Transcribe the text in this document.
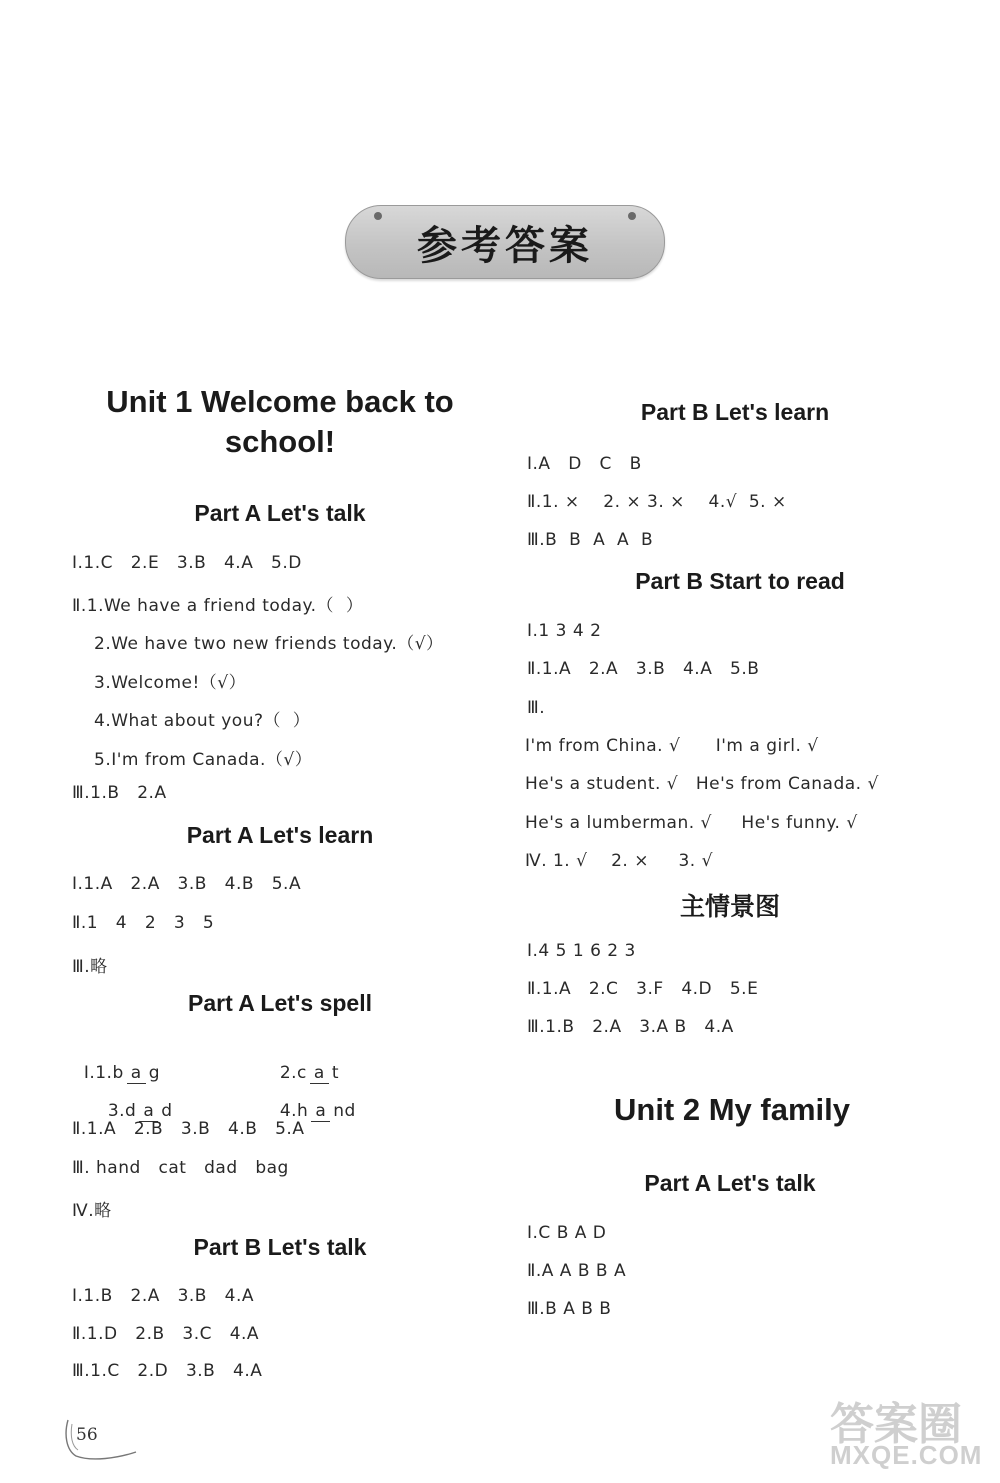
参考答案
Unit 1 Welcome back to
school!
Part A Let's talk
Ⅰ.1.C   2.E   3.B   4.A   5.D
Ⅱ.1.We have a friend today.（  ）
2.We have two new friends today.（√）
3.Welcome!（√）
4.What about you?（  ）
5.I'm from Canada.（√）
Ⅲ.1.B   2.A
Part A Let's learn
Ⅰ.1.A   2.A   3.B   4.B   5.A
Ⅱ.1   4   2   3   5
Ⅲ.略
Part A Let's spell

Ⅰ.1.b a g	2.c a t

3.d a d	4.h a nd

Ⅱ.1.A   2.B   3.B   4.B   5.A
Ⅲ. hand   cat   dad   bag
Ⅳ.略
Part B Let's talk
Ⅰ.1.B   2.A   3.B   4.A
Ⅱ.1.D   2.B   3.C   4.A
Ⅲ.1.C   2.D   3.B   4.A
Part B Let's learn
Ⅰ.A   D   C   B
Ⅱ.1. ×    2. × 3. ×    4.√  5. ×
Ⅲ.B  B  A  A  B
Part B Start to read
Ⅰ.1 3 4 2
Ⅱ.1.A   2.A   3.B   4.A   5.B
Ⅲ.
I'm from China. √      I'm a girl. √
He's a student. √   He's from Canada. √
He's a lumberman. √     He's funny. √
Ⅳ. 1. √    2. ×     3. √
主情景图
Ⅰ.4 5 1 6 2 3
Ⅱ.1.A   2.C   3.F   4.D   5.E
Ⅲ.1.B   2.A   3.A B   4.A
Unit 2 My family
Part A Let's talk
Ⅰ.C B A D
Ⅱ.A A B B A
Ⅲ.B A B B
56	答案圈
MXQE.COM
